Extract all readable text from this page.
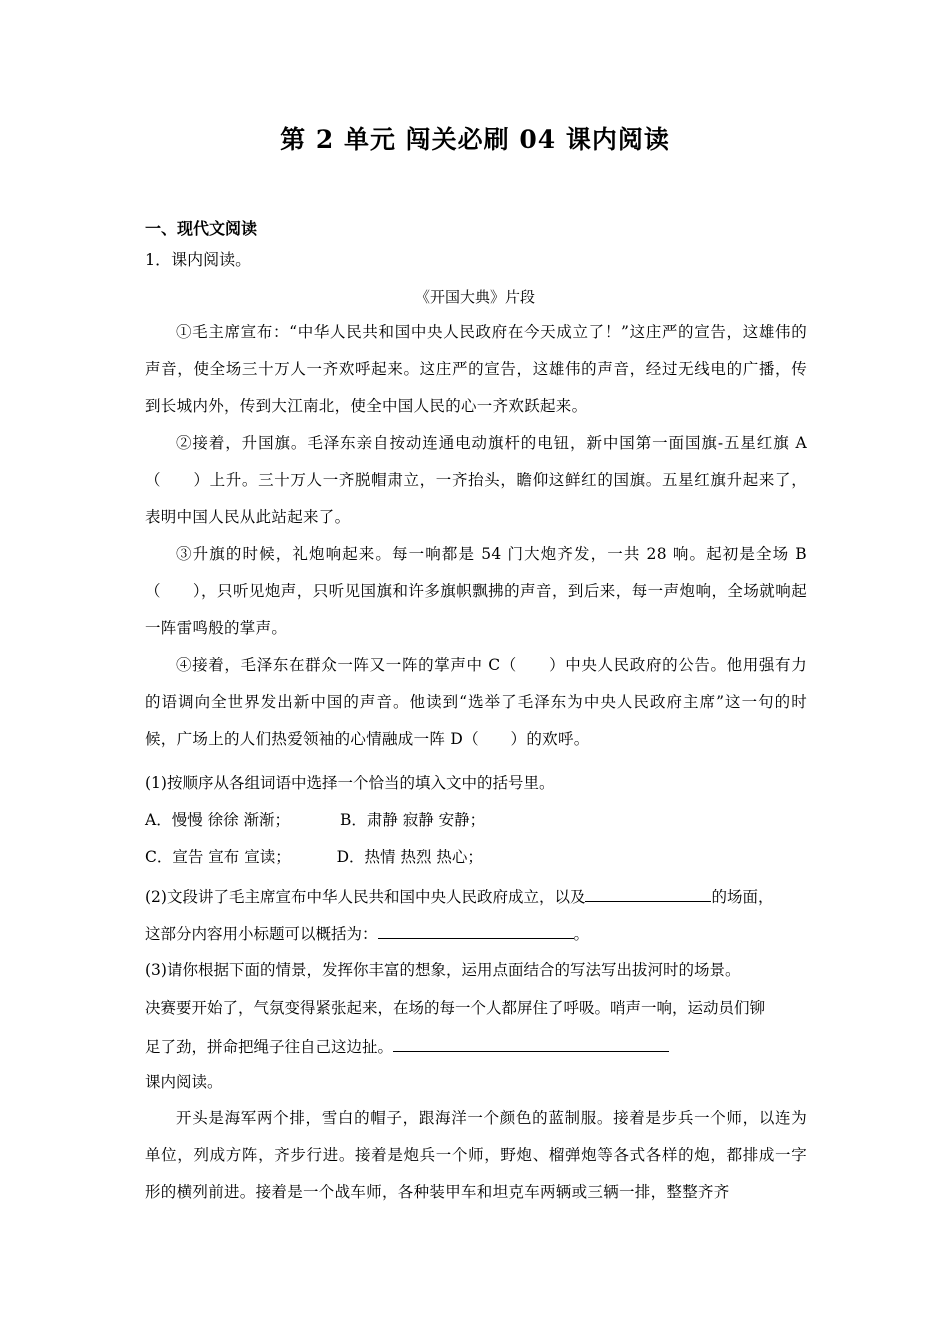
第 2 单元 闯关必刷 04 课内阅读
一、现代文阅读
1．课内阅读。
《开国大典》片段
①毛主席宣布：“中华人民共和国中央人民政府在今天成立了！”这庄严的宣告，这雄伟的声音，使全场三十万人一齐欢呼起来。这庄严的宣告，这雄伟的声音，经过无线电的广播，传到长城内外，传到大江南北，使全中国人民的心一齐欢跃起来。
②接着，升国旗。毛泽东亲自按动连通电动旗杆的电钮，新中国第一面国旗-五星红旗 A（　　）上升。三十万人一齐脱帽肃立，一齐抬头，瞻仰这鲜红的国旗。五星红旗升起来了，表明中国人民从此站起来了。
③升旗的时候，礼炮响起来。每一响都是 54 门大炮齐发，一共 28 响。起初是全场 B（　　），只听见炮声，只听见国旗和许多旗帜飘拂的声音，到后来，每一声炮响，全场就响起一阵雷鸣般的掌声。
④接着，毛泽东在群众一阵又一阵的掌声中 C（　　）中央人民政府的公告。他用强有力的语调向全世界发出新中国的声音。他读到“选举了毛泽东为中央人民政府主席”这一句的时候，广场上的人们热爱领袖的心情融成一阵 D（　　）的欢呼。
(1)按顺序从各组词语中选择一个恰当的填入文中的括号里。
A．慢慢 徐徐 渐渐；	B．肃静 寂静 安静；
C．宣告 宣布 宣读；	D．热情 热烈 热心；
(2)文段讲了毛主席宣布中华人民共和国中央人民政府成立，以及	的场面，
这部分内容用小标题可以概括为：	。
(3)请你根据下面的情景，发挥你丰富的想象，运用点面结合的写法写出拔河时的场景。
决赛要开始了，气氛变得紧张起来，在场的每一个人都屏住了呼吸。哨声一响，运动员们铆
足了劲，拼命把绳子往自己这边扯。
课内阅读。
开头是海军两个排，雪白的帽子，跟海洋一个颜色的蓝制服。接着是步兵一个师，以连为单位，列成方阵，齐步行进。接着是炮兵一个师，野炮、榴弹炮等各式各样的炮，都排成一字形的横列前进。接着是一个战车师，各种装甲车和坦克车两辆或三辆一排，整整齐齐
